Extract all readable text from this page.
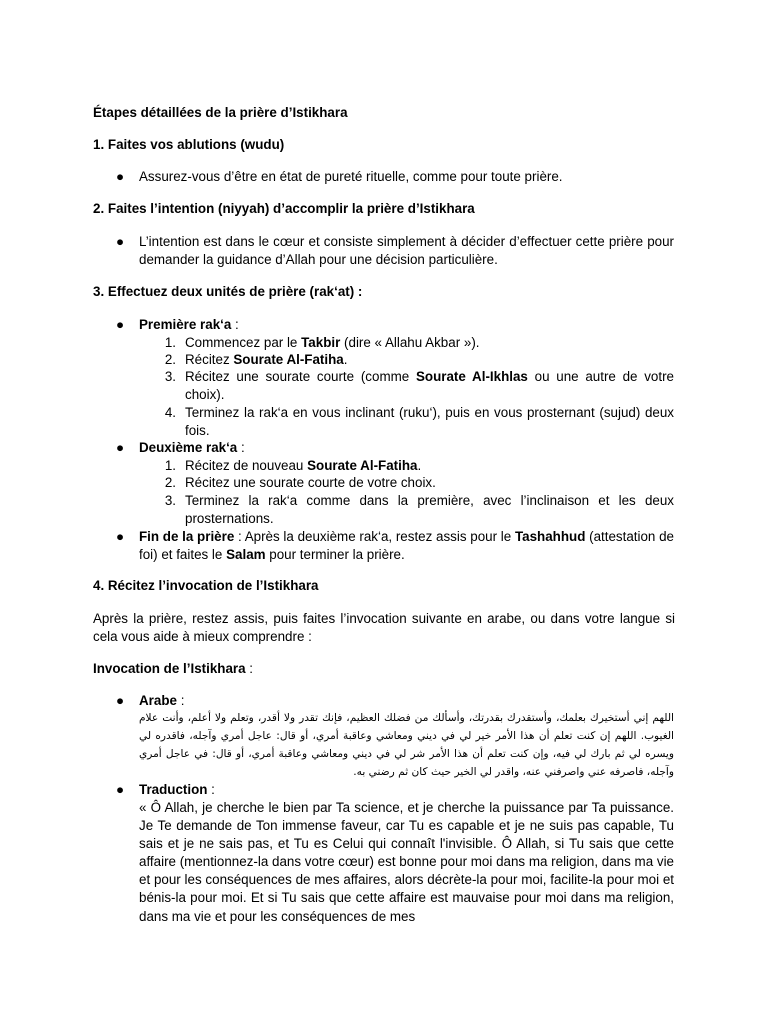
Étapes détaillées de la prière d’Istikhara
1. Faites vos ablutions (wudu)
● Assurez-vous d’être en état de pureté rituelle, comme pour toute prière.
2. Faites l’intention (niyyah) d’accomplir la prière d’Istikhara
● L’intention est dans le cœur et consiste simplement à décider d’effectuer cette prière pour demander la guidance d’Allah pour une décision particulière.
3. Effectuez deux unités de prière (rak‘at) :
● Première rak‘a :
1. Commencez par le Takbir (dire « Allahu Akbar »).
2. Récitez Sourate Al-Fatiha.
3. Récitez une sourate courte (comme Sourate Al-Ikhlas ou une autre de votre choix).
4. Terminez la rak‘a en vous inclinant (ruku‘), puis en vous prosternant (sujud) deux fois.
● Deuxième rak‘a :
1. Récitez de nouveau Sourate Al-Fatiha.
2. Récitez une sourate courte de votre choix.
3. Terminez la rak‘a comme dans la première, avec l’inclinaison et les deux prosternations.
● Fin de la prière : Après la deuxième rak‘a, restez assis pour le Tashahhud (attestation de foi) et faites le Salam pour terminer la prière.
4. Récitez l’invocation de l’Istikhara
Après la prière, restez assis, puis faites l’invocation suivante en arabe, ou dans votre langue si cela vous aide à mieux comprendre :
Invocation de l’Istikhara :
● Arabe :
اللهم إني أستخيرك بعلمك، وأستقدرك بقدرتك، وأسألك من فضلك العظيم، فإنك تقدر ولا أقدر، وتعلم ولا أعلم، وأنت علام الغيوب. اللهم إن كنت تعلم أن هذا الأمر خير لي في ديني ومعاشي وعاقبة أمري، أو قال: عاجل أمري وآجله، فاقدره لي ويسره لي ثم بارك لي فيه، وإن كنت تعلم أن هذا الأمر شر لي في ديني ومعاشي وعاقبة أمري، أو قال: في عاجل أمري وآجله، فاصرفه عني واصرفني عنه، واقدر لي الخير حيث كان ثم رضني به.
● Traduction :
« Ô Allah, je cherche le bien par Ta science, et je cherche la puissance par Ta puissance. Je Te demande de Ton immense faveur, car Tu es capable et je ne suis pas capable, Tu sais et je ne sais pas, et Tu es Celui qui connaît l'invisible. Ô Allah, si Tu sais que cette affaire (mentionnez-la dans votre cœur) est bonne pour moi dans ma religion, dans ma vie et pour les conséquences de mes affaires, alors décrète-la pour moi, facilite-la pour moi et bénis-la pour moi. Et si Tu sais que cette affaire est mauvaise pour moi dans ma religion, dans ma vie et pour les conséquences de mes
